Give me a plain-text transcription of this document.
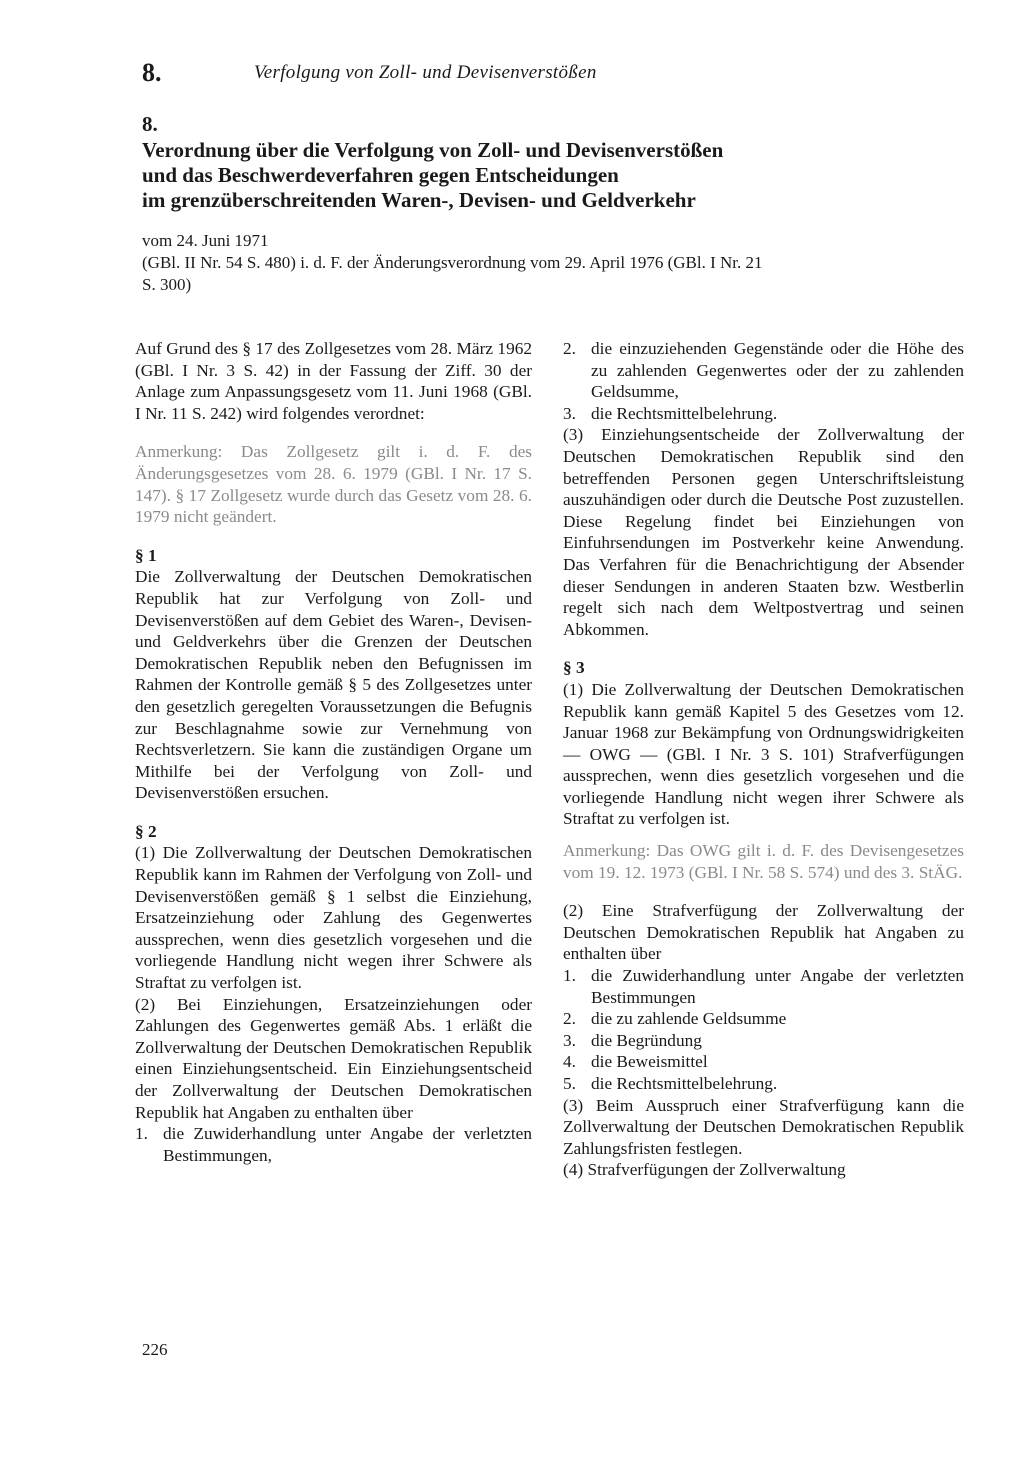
8.	Verfolgung von Zoll- und Devisenverstößen
8.
Verordnung über die Verfolgung von Zoll- und Devisenverstößen
und das Beschwerdeverfahren gegen Entscheidungen
im grenzüberschreitenden Waren-, Devisen- und Geldverkehr
vom 24. Juni 1971
(GBl. II Nr. 54 S. 480) i. d. F. der Änderungsverordnung vom 29. April 1976 (GBl. I Nr. 21
S. 300)

Auf Grund des § 17 des Zollgesetzes vom 28. März 1962 (GBl. I Nr. 3 S. 42) in der Fassung der Ziff. 30 der Anlage zum Anpassungsgesetz vom 11. Juni 1968 (GBl. I Nr. 11 S. 242) wird folgendes verordnet:

Anmerkung: Das Zollgesetz gilt i. d. F. des Änderungsgesetzes vom 28. 6. 1979 (GBl. I Nr. 17 S. 147). § 17 Zollgesetz wurde durch das Gesetz vom 28. 6. 1979 nicht geändert.

§ 1

Die Zollverwaltung der Deutschen Demokratischen Republik hat zur Verfolgung von Zoll- und Devisenverstößen auf dem Gebiet des Waren-, Devisen- und Geldverkehrs über die Grenzen der Deutschen Demokratischen Republik neben den Befugnissen im Rahmen der Kontrolle gemäß § 5 des Zollgesetzes unter den gesetzlich geregelten Voraussetzungen die Befugnis zur Beschlagnahme sowie zur Vernehmung von Rechtsverletzern. Sie kann die zuständigen Organe um Mithilfe bei der Verfolgung von Zoll- und Devisenverstößen ersuchen.

§ 2

(1) Die Zollverwaltung der Deutschen Demokratischen Republik kann im Rahmen der Verfolgung von Zoll- und Devisenverstößen gemäß § 1 selbst die Einziehung, Ersatzeinziehung oder Zahlung des Gegenwertes aussprechen, wenn dies gesetzlich vorgesehen und die vorliegende Handlung nicht wegen ihrer Schwere als Straftat zu verfolgen ist.

(2) Bei Einziehungen, Ersatzeinziehungen oder Zahlungen des Gegenwertes gemäß Abs. 1 erläßt die Zollverwaltung der Deutschen Demokratischen Republik einen Einziehungsentscheid. Ein Einziehungsentscheid der Zollverwaltung der Deutschen Demokratischen Republik hat Angaben zu enthalten über

1. die Zuwiderhandlung unter Angabe der verletzten Bestimmungen,
2. die einzuziehenden Gegenstände oder die Höhe des zu zahlenden Gegenwertes oder der zu zahlenden Geldsumme,
3. die Rechtsmittelbelehrung.

(3) Einziehungsentscheide der Zollverwaltung der Deutschen Demokratischen Republik sind den betreffenden Personen gegen Unterschriftsleistung auszuhändigen oder durch die Deutsche Post zuzustellen. Diese Regelung findet bei Einziehungen von Einfuhrsendungen im Postverkehr keine Anwendung. Das Verfahren für die Benachrichtigung der Absender dieser Sendungen in anderen Staaten bzw. Westberlin regelt sich nach dem Weltpostvertrag und seinen Abkommen.

§ 3

(1) Die Zollverwaltung der Deutschen Demokratischen Republik kann gemäß Kapitel 5 des Gesetzes vom 12. Januar 1968 zur Bekämpfung von Ordnungswidrigkeiten — OWG — (GBl. I Nr. 3 S. 101) Strafverfügungen aussprechen, wenn dies gesetzlich vorgesehen und die vorliegende Handlung nicht wegen ihrer Schwere als Straftat zu verfolgen ist.

Anmerkung: Das OWG gilt i. d. F. des Devisengesetzes vom 19. 12. 1973 (GBl. I Nr. 58 S. 574) und des 3. StÄG.

(2) Eine Strafverfügung der Zollverwaltung der Deutschen Demokratischen Republik hat Angaben zu enthalten über

1. die Zuwiderhandlung unter Angabe der verletzten Bestimmungen
2. die zu zahlende Geldsumme
3. die Begründung
4. die Beweismittel
5. die Rechtsmittelbelehrung.

(3) Beim Ausspruch einer Strafverfügung kann die Zollverwaltung der Deutschen Demokratischen Republik Zahlungsfristen festlegen.

(4) Strafverfügungen der Zollverwaltung

226
